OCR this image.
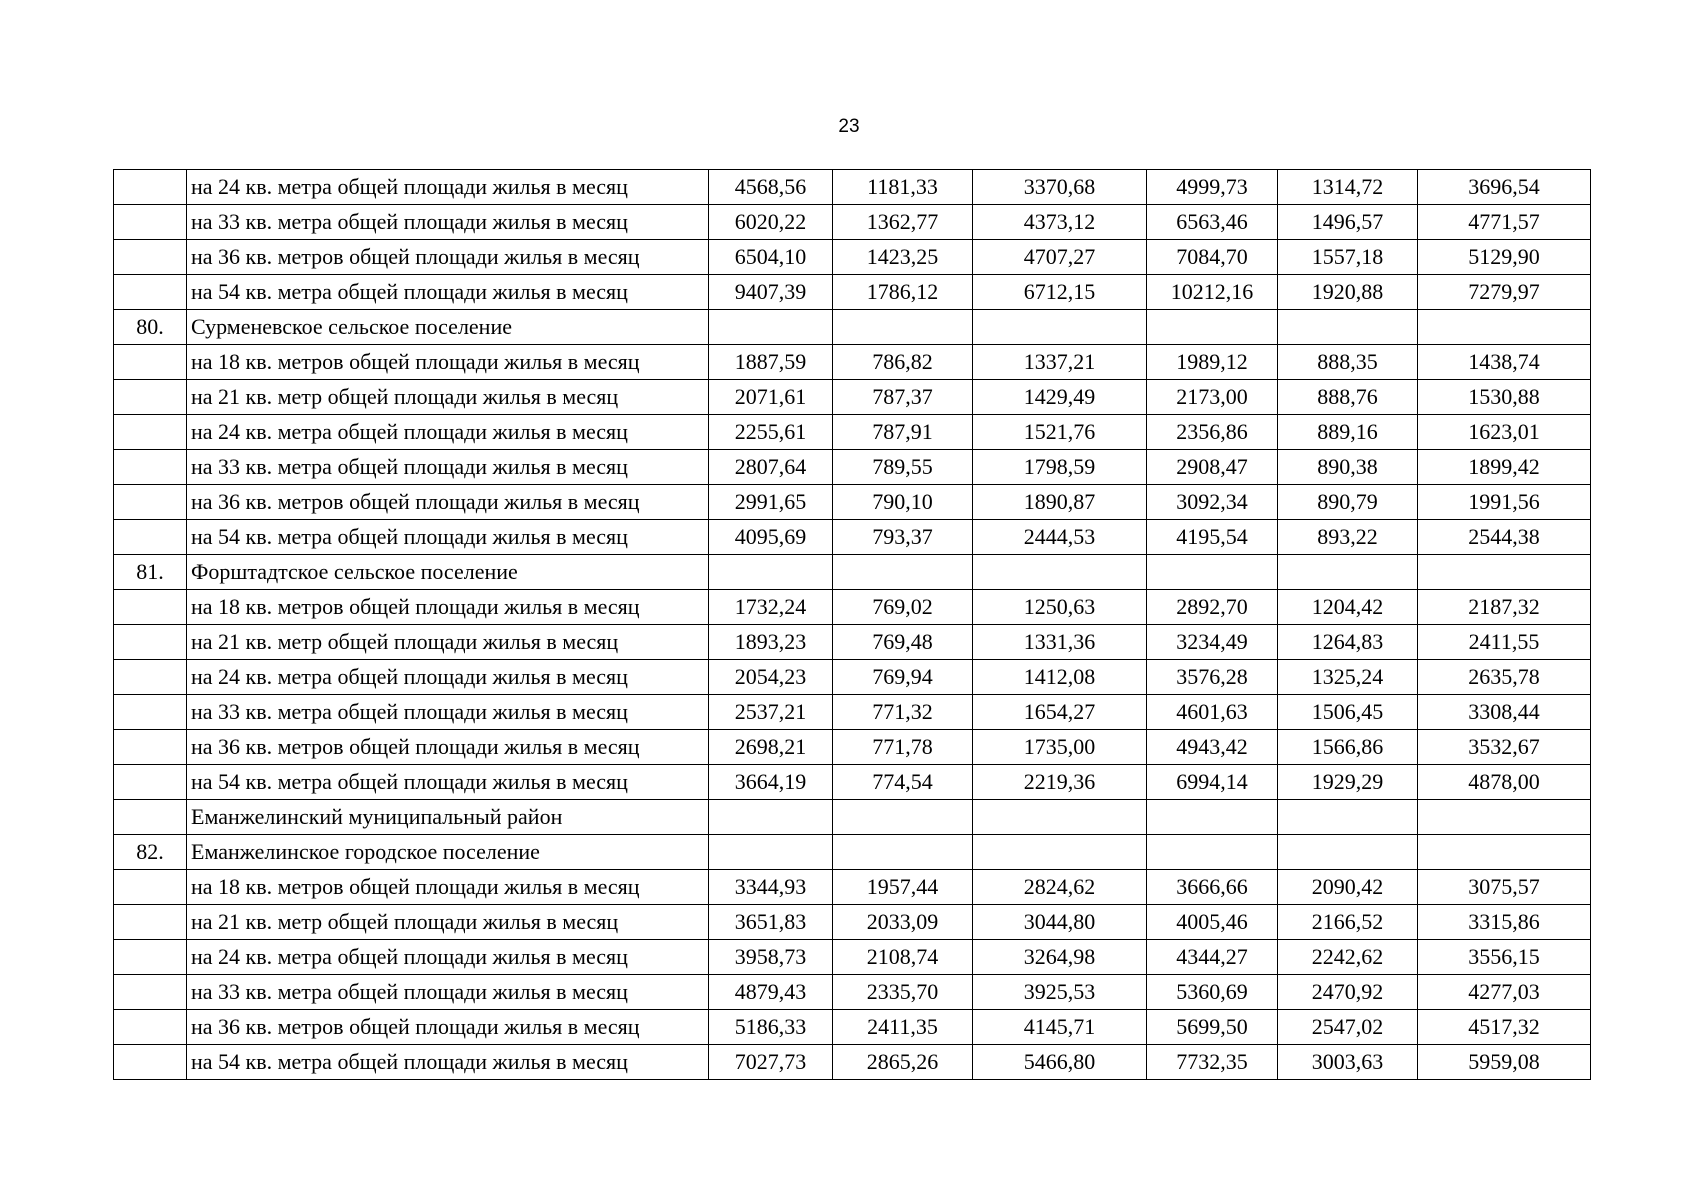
23
	на 24 кв. метра общей площади жилья в месяц	4568,56	1181,33	3370,68	4999,73	1314,72	3696,54
	на 33 кв. метра общей площади жилья в месяц	6020,22	1362,77	4373,12	6563,46	1496,57	4771,57
	на 36 кв. метров общей площади жилья в месяц	6504,10	1423,25	4707,27	7084,70	1557,18	5129,90
	на 54 кв. метра общей площади жилья в месяц	9407,39	1786,12	6712,15	10212,16	1920,88	7279,97
80.	Сурменевское сельское поселение						
	на 18 кв. метров общей площади жилья в месяц	1887,59	786,82	1337,21	1989,12	888,35	1438,74
	на 21 кв. метр общей площади жилья в месяц	2071,61	787,37	1429,49	2173,00	888,76	1530,88
	на 24 кв. метра общей площади жилья в месяц	2255,61	787,91	1521,76	2356,86	889,16	1623,01
	на 33 кв. метра общей площади жилья в месяц	2807,64	789,55	1798,59	2908,47	890,38	1899,42
	на 36 кв. метров общей площади жилья в месяц	2991,65	790,10	1890,87	3092,34	890,79	1991,56
	на 54 кв. метра общей площади жилья в месяц	4095,69	793,37	2444,53	4195,54	893,22	2544,38
81.	Форштадтское сельское поселение						
	на 18 кв. метров общей площади жилья в месяц	1732,24	769,02	1250,63	2892,70	1204,42	2187,32
	на 21 кв. метр общей площади жилья в месяц	1893,23	769,48	1331,36	3234,49	1264,83	2411,55
	на 24 кв. метра общей площади жилья в месяц	2054,23	769,94	1412,08	3576,28	1325,24	2635,78
	на 33 кв. метра общей площади жилья в месяц	2537,21	771,32	1654,27	4601,63	1506,45	3308,44
	на 36 кв. метров общей площади жилья в месяц	2698,21	771,78	1735,00	4943,42	1566,86	3532,67
	на 54 кв. метра общей площади жилья в месяц	3664,19	774,54	2219,36	6994,14	1929,29	4878,00
	Еманжелинский муниципальный район						
82.	Еманжелинское городское поселение						
	на 18 кв. метров общей площади жилья в месяц	3344,93	1957,44	2824,62	3666,66	2090,42	3075,57
	на 21 кв. метр общей площади жилья в месяц	3651,83	2033,09	3044,80	4005,46	2166,52	3315,86
	на 24 кв. метра общей площади жилья в месяц	3958,73	2108,74	3264,98	4344,27	2242,62	3556,15
	на 33 кв. метра общей площади жилья в месяц	4879,43	2335,70	3925,53	5360,69	2470,92	4277,03
	на 36 кв. метров общей площади жилья в месяц	5186,33	2411,35	4145,71	5699,50	2547,02	4517,32
	на 54 кв. метра общей площади жилья в месяц	7027,73	2865,26	5466,80	7732,35	3003,63	5959,08
